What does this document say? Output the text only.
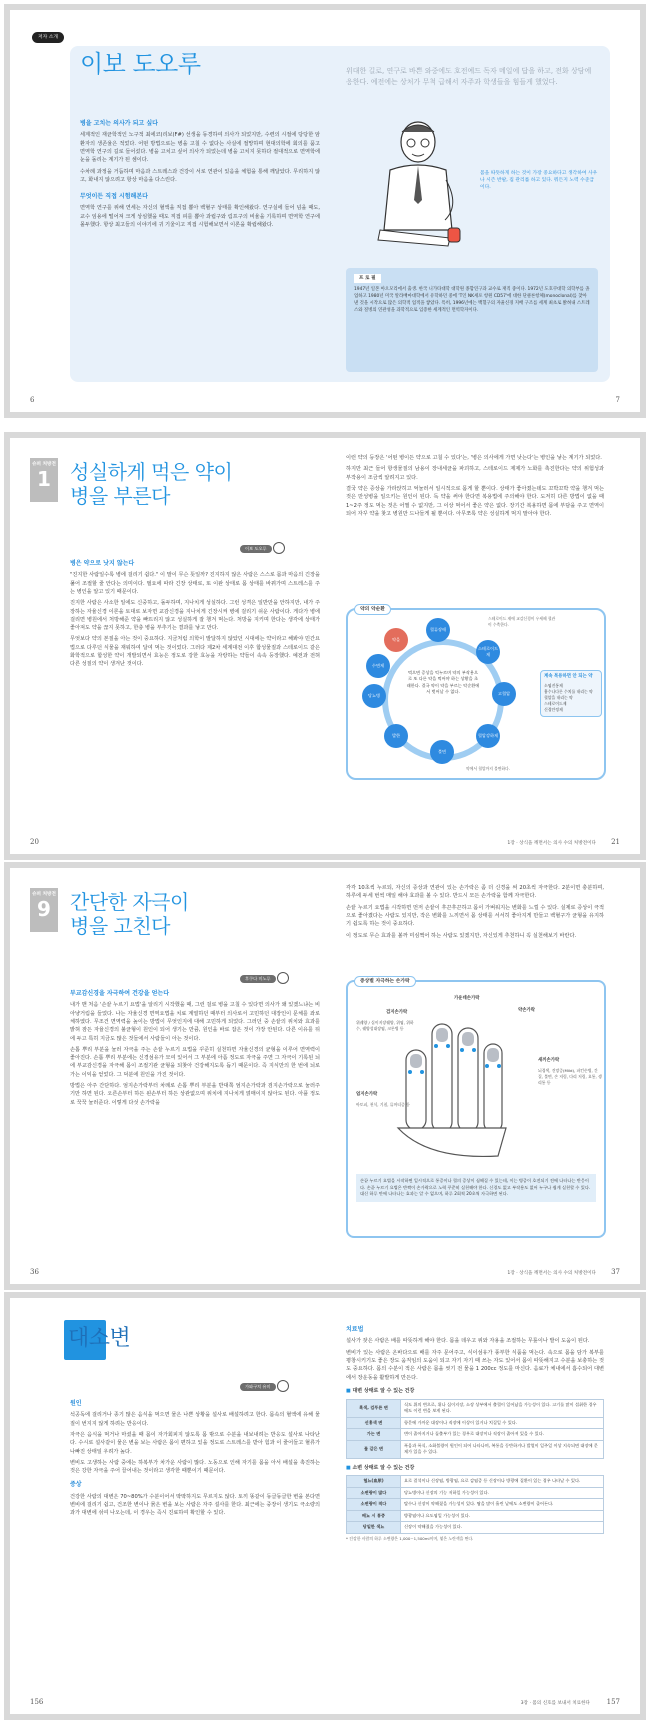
저자 소개
이보 도오루	위대한 길로, 연구로 바쁜 와중에도 호전예드 독자 메일에 답을 하고, 전화 상담에 응한다. 예전에는 상처가 무척 급해서 자주과 학생들을 힘들게 했었다.
병을 고치는 의사가 되고 싶다

세계적인 재균학적인 노구적 최에코(리보(F#) 선생을 동경하여 의사가 되었지만, 수련의 시절에 당당한 암 환자의 생존율은 적었다. 어떤 방법으로는 병을 고칠 수 없다는 사실에 절망하며 현대의학에 회의를 품고 면역학 연구의 길로 들어섰다. 병을 고치고 싶어 의사가 되었는데 병을 고치지 못하다 절대적으로 면역학에 눈을 돌리는 계기가 된 셈이다.

수차례 과정을 거듭하며 마음과 스트레스과 건강이 서로 연관이 있음을 체험을 통해 깨달았다. 무리하지 않고, 화내지 않으려고 항상 마음을 다스린다.

무엇이든 직접 시험해본다

면역학 연구를 위해 연세는 자신의 혈액을 직접 뽑아 백혈구 상태를 확인해왔다. 연구실에 들어 넘을 때도, 교수 임용에 떨어져 크게 상심했을 때도 직접 피를 뽑아 과립구와 림프구의 비율을 기록하며 면역학 연구에 몰두했다. 항상 최고들의 이야기에 귀 기울이고 직접 시험해보면서 이론을 확립해왔다.

몸을 따뜻하게 하는 것이 가장 중요하다고 생각하여 사우나 시즌 반팔, 집 관리를 하고 있다. 뭐든지 노력 수준급이다.
프 로 필
1947년 일본 아오모리에서 출생. 한국 니가타대학 대학원 종합연구과 교수로 재직 중이다. 1972년 도호쿠대학 의학부를 졸업하고 1980년 미국 알라배마대학에서 유학하던 중에 'T인 NK세포 항원 CD57'에 대한 단클론항체(monoclonal)를 찾아낸 것을 시작으로 많은 의학적 업적을 쌓았다. 특히, 1996년에는 백혈구의 자율신경 지배 구조를 세계 최초로 밝혀내 스트레스와 질병의 연관성을 과학적으로 입증한 세계적인 면역학자이다.
6	7
슈퍼 처방전
1 성실하게 먹은 약이
병을 부른다
이보 도오루
병은 약으로 낫지 않는다

"진지한 사람일수록 병에 걸리기 쉽다." 이 말이 무슨 뜻일까? 진지하지 않은 사람은 스스로 몸과 마음의 긴장을 풀어 조절할 줄 안다는 의미이다. 필요에 따라 긴장 상태로, 또 이완 상태로 몸 상태를 바꿔가며 스트레스를 주는 병인을 알고 있기 때문이다.

진지한 사람은 사소한 일에도 신중하고, 돌두하며, 지나치게 성실하다. 그런 성격은 일반만을 안하지만, 내가 주장하는 자율신경 이론을 토대로 보자면 교감신경을 지나치게 긴장시켜 병에 걸리기 쉬운 사람이다. 게다가 병에 걸리면 병원에서 처방해준 약을 빠뜨리지 않고 성실하게 잘 챙겨 먹는다. 처방을 지키며 한다는 생각에 상태가 좋아져도 약을 끊지 못하고, 한층 병을 부추기는 결과를 낳고 만다.

무엇보다 약의 본질을 아는 것이 중요하다. 지금처럼 의학이 발달하지 않았던 시대에는 약이라고 해봐야 민간요법으로 다루던 식물을 재워하여 달여 먹는 것이었다. 그러다 제2차 세계대전 이후 합성물질과 스테로이드 같은 화학적으로 합성한 약이 개발되면서 효능은 정도로 강한 효능을 자랑하는 약들이 속속 등장했다. 예전과 전혀 다른 성질의 약이 생겨난 것이다.

이런 약의 등장은 '어떤 병이든 약으로 고칠 수 있다'는, '병은 의사에게 가면 낫는다'는 병인을 낳는 계기가 되었다.

하지만 최근 들어 항생물질의 남용이 장내세균을 파괴하고, 스테로이드 제제가 노화를 촉진한다는 약의 위험성과 부작용이 조금씩 알려지고 있다.

결국 약은 증상을 가라앉히고 억눌러서 일시적으로 몸게 할 뿐이다. 상태가 좋아졌는데도 꼬박꼬박 약을 챙겨 먹는 것은 만성병을 일으키는 원인이 된다. 독 약을 써야 한다면 복용법에 주의해야 한다. 도저히 다른 방법이 없을 때 1~2주 정도 먹는 것은 어쩔 수 없지만, 그 이상 먹어서 좋은 약은 없다. 장기간 복용하면 몸에 부담을 주고 면역이 되어 자꾸 약을 찾고 병원만 드나들게 될 뿐이다. 아무쪼록 약은 성실하게 먹지 말아야 한다.

약의 악순환
약을
혈류장애
스테로이드제
고혈압
혈압강하제
불면
발한
당뇨병
수면제
먹으면 증상을 억누르며 약의 부작용으로 또 다른 약을 먹어야 하는 상황을 초래한다. 결국 약이 약을 부르는 악순환에서 벗어날 수 없다.
스테로이드 제에 교감신경이 우세해 혈관이 수축한다.
약에서 혈압까지 불면하다.
계속 복용하면 안 되는 약
소염진통제
흉수나다른 수치를 내리는 약
혈압을 내리는 약
스테로이드제
신경안정제
20	1장 · 상식을 깨면서는 의사 수의 처방전이다 21
슈퍼 처방전
9 간단한 자극이
병을 고친다
후쿠다 미노루
부교감신경을 자극하여 건강을 얻는다

내가 맨 처음 '손끝 누르기 요법'을 알리기 시작했을 때, 그런 걸로 병을 고칠 수 있다면 의사가 왜 있겠느냐는 비아냥거림을 들었다. 나는 자율신경 면역요법을 치료 계열하던 때부터 의사로서 고민하던 대장인이 문체를 좌로 체하였다. 무조건 면역력을 높이는 방법이 무엇인지에 대해 고민하게 되었다. 그러던 중 손끝의 위치와 효과를 밝혀 잠든 자율신경의 불균형이 원인이 되어 생기는 만큼, 원인을 바로 잡은 것이 가장 안된다. 다른 이유를 뒤에 두고 특히 지금도 많은 것들에서 사람들이 아는 것이다.

손톱 뿌리 부분을 눌러 자극을 주는 손끝 누르기 요법을 꾸준히 실천하면 자율신경의 균형을 이루어 면역력이 좋아진다. 손톱 뿌리 부분에는 신경섬유가 모여 있어서 그 부분에 아픔 정도로 자극을 주면 그 자극이 기록된 뇌에 부교감신경을 자극해 몸이 조절기관 균형을 되찾아 건강해지도록 돕기 때문이다. 즉 지식만의 한 번에 뇌로 가는 이익을 얻었다. 그 덕분에 원인을 가진 것이다.

방법은 아주 간단하다. 엄지손가락부터 차례로 손톱 뿌리 부분을 반대쪽 엄지손가락과 검지손가락으로 눌러주기만 하면 된다. 오른손부터 하든 왼손부터 하든 상관없으며 위치에 지나치게 얽매이지 않아도 된다. 아플 정도로 꾹꾹 눌러준다. 이렇게 다섯 손가락을

각각 10초씩 누르되, 자신의 증상과 연관이 있는 손가락은 좀 더 신경을 써 20초씩 자극한다. 2분이면 충분하며, 하루에 두세 번씩 매일 해야 효과를 볼 수 있다. 반드시 모든 손가락을 함께 자극한다.

손끝 누르기 요법을 시작하면 먼저 손끝이 후끈후끈하고 몸이 가벼워지는 변화를 느낄 수 있다. 실제로 증상이 극적으로 좋아졌다는 사람도 있지만, 작은 변화를 느끼면서 몸 상태를 서서히 좋아지게 만들고 백혈구가 균형을 유지하기 쉽도록 하는 것이 중요하다.

이 정도로 무슨 효과를 볼까 미심쩍어 하는 사람도 있겠지만, 자신있게 추천하니 꼭 실천해보기 바란다.

증상별 자극하는 손가락
검지손가락
위궤양 / 십이지장궤양, 위염, 위하수, 궤양성대장염, 크론병 등
가운데손가락
약손가락
새끼손가락
뇌경색, 건망증(Mild), 파킨슨병, 간질, 불면, 손 저림, 다리 저림, 요통, 생리통 등
엄지손가락
아토피, 천식, 기침, 류머티즘 등
손끝 누르기 요법을 시작하면 일시적으로 통증이나 혈의 증상이 심해질 수 있는데, 이는 병증이 호전되기 전에 나타나는 반응이다. 손끝 누르기 요법은 반짝이 손가락으로 노력 꾸준히 실천해야 한다. 신경도 없고 부작용도 없어 누구나 쉽게 실천할 수 있다. 대신 하루 만에 나타나는 효과는 알 수 없으며, 하루 2회씩 20초씩 자극하면 된다.
36	1장 · 상식을 깨면서는 의사 수의 처방전이다 37
대소변
가와구치 유미
원인

석공독에 걸리거나 종기 많은 음식을 먹으면 물은 나쁜 상황을 설사로 배설하려고 한다. 몸속의 혈액에 유해 물질이 번지지 않게 하려는 반응이다.

자극은 음식을 먹거나 마셨을 때 몸이 자가회피지 않도록 몸 밖으로 수분을 내보내려는 반응도 설사로 나타난다. 수시로 설사같이 물은 변을 보는 사람은 몸이 편하고 있을 정도로 스트레스를 받아 힘과 이 줄어들고 혈류가 나빠진 상태일 우려가 높다.

변비도 고생하는 사람 중에는 하복부가 차가운 사람이 많다. 노동으로 인해 자기를 몸을 아서 배설을 촉진하는 것은 강한 자극을 주어 끌어내는 것이라고 생각한 때뿐이기 때문이다.

증상

건강한 사람의 대변은 70~80%가 수분이어서 딱딱하지도 무르지도 않다. 토끼 똥같이 동글동글한 변을 본다면 변비에 걸리기 쉽고, 건조한 변이나 묽은 변을 보는 사람은 자주 설사를 한다. 최근에는 중장이 생기도 극소량의 과가 대변에 섞여 나오는데, 이 경우는 즉시 진료하여 확인할 수 있다.

치료법

설사가 잦은 사람은 배를 따뜻하게 해야 한다. 몸을 데우고 위와 자용을 조절하는 무릎이나 발이 도움이 된다.

변비가 있는 사람은 온바다으로 배를 자주 문어주고, 식이섬유가 풍부한 식품을 먹는다. 속으로 몸을 담가 복부를 평창시키기도 좋은 장도 움직임의 도움이 되고 자기 자기 때 쓰는 자도 있어서 몸이 따뜻해지고 수분을 보충하는 것도 중요하다. 몸의 수분이 적은 사람은 몸을 씻기 전 물을 1 200cc 정도를 마신다. 음료가 체내에서 흡수되어 대변에서 장운동을 활발하게 만든다.

■ 대변 상태로 알 수 있는 건강
흑색, 검푸른 변	식도 위의 변으로, 위나 십이지장, 소장 상부에서 출혈이 일어났을 가능성이 있다. 고기를 많이 섭취한 경우에도 이런 변을 보게 된다.
선홍색 변	항문에 가까운 대장이나 직장에 이상이 있거나 치질일 수 있다.
가는 변	변이 좁아지거나 돌출부가 있는 경우로 대장이나 직장이 좁아져 있을 수 있다.
물 같은 변	폭음과 폭식, 소화불량이 원인이 되어 나타나며, 복통을 동반하거나 발열이 일주일 이상 지속되면 대장에 문제가 있을 수 있다.
■ 소변 상태로 알 수 있는 건강
혈뇨(血尿)	요로 결석이나 신장염, 방광염, 요로 감염증 등 신장이나 방광에 질환이 있는 경우 나타날 수 있다.
소변량이 많다	당뇨병이나 신장의 기능 저하일 가능성이 있다.
소변량이 적다	탈수나 신장이 약해졌을 가능성이 있다. 땀을 많이 흘린 날에도 소변량이 줄어든다.
배뇨 시 통증	방광염이나 요도염일 가능성이 있다.
당일한 색뇨	신장이 약해졌을 가능성이 있다.
* 건강한 사람의 하루 소변량은 1,000~1,500ml이며, 옅은 노란색을 띤다.
156	3장 · 몸의 신호를 보내서 치료한다 157
